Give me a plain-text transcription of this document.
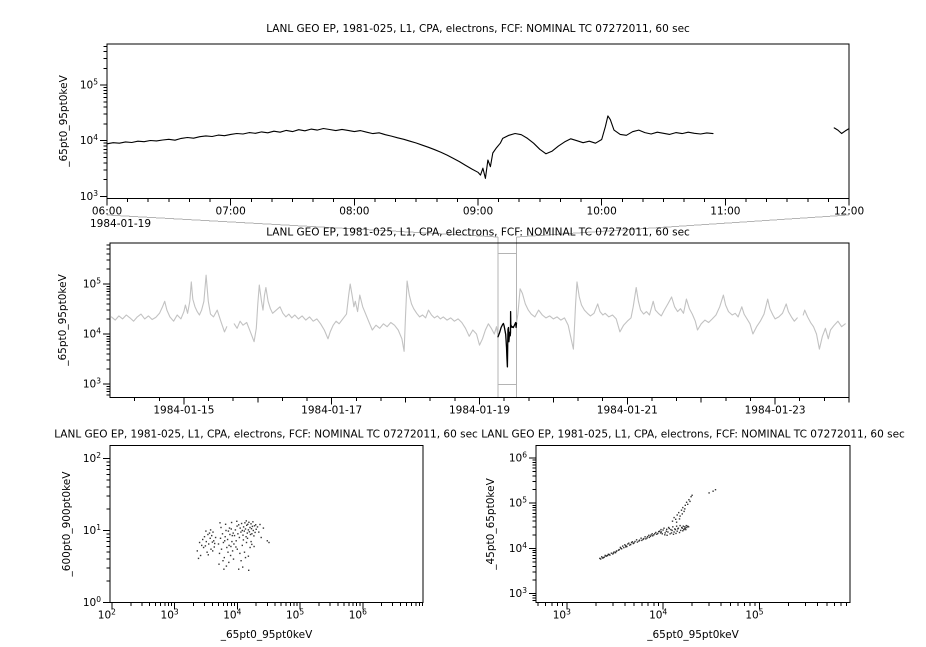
$10^3$
$10^4$
$10^5$
06:00	07:00	08:00	09:00	10:00	11:00	12:00
$10^3$
$10^4$
$10^5$
1984-01-15	1984-01-17	1984-01-19	1984-01-21	1984-01-23
$10^0$
$10^1$
$10^2$
$10^2$	$10^3$	$10^4$	$10^5$	$10^6$
$10^3$
$10^4$
$10^5$
$10^6$
$10^3$	$10^4$	$10^5$
LANL GEO EP, 1981-025, L1, CPA, electrons, FCF: NOMINAL TC 07272011, 60 sec
_65pt0_95pt0keV
1984-01-19
LANL GEO EP, 1981-025, L1, CPA, electrons, FCF: NOMINAL TC 07272011, 60 sec
_65pt0_95pt0keV
LANL GEO EP, 1981-025, L1, CPA, electrons, FCF: NOMINAL TC 07272011, 60 sec
_600pt0_900pt0keV
_65pt0_95pt0keV
LANL GEO EP, 1981-025, L1, CPA, electrons, FCF: NOMINAL TC 07272011, 60 sec
_45pt0_65pt0keV
_65pt0_95pt0keV
